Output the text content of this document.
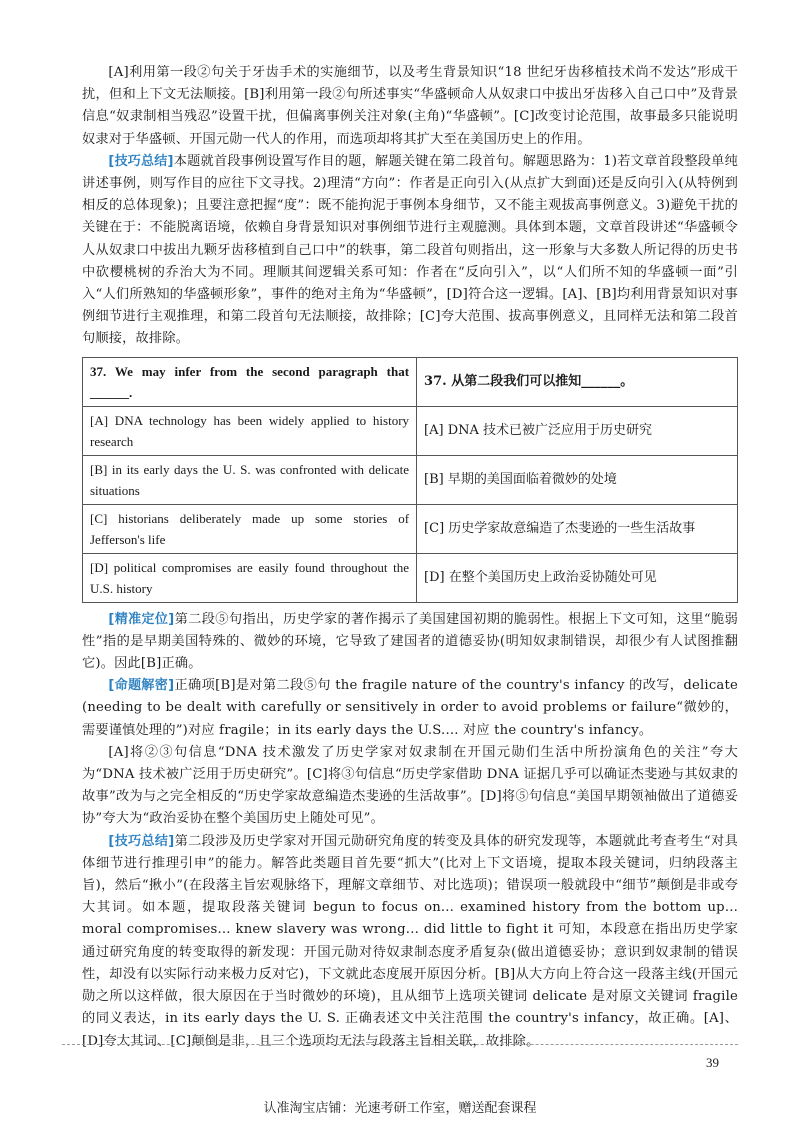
[A]利用第一段②句关于牙齿手术的实施细节，以及考生背景知识“18 世纪牙齿移植技术尚不发达”形成干扰，但和上下文无法顺接。[B]利用第一段②句所述事实“华盛顿命人从奴隶口中拔出牙齿移入自己口中”及背景信息“奴隶制相当残忍”设置干扰，但偏离事例关注对象(主角)“华盛顿”。[C]改变讨论范围，故事最多只能说明奴隶对于华盛顿、开国元勋一代人的作用，而选项却将其扩大至在美国历史上的作用。

[技巧总结]本题就首段事例设置写作目的题，解题关键在第二段首句。解题思路为：1)若文章首段整段单纯讲述事例，则写作目的应往下文寻找。2)理清“方向”：作者是正向引入(从点扩大到面)还是反向引入(从特例到相反的总体现象)；且要注意把握“度”：既不能拘泥于事例本身细节，又不能主观拔高事例意义。3)避免干扰的关键在于：不能脱离语境，依赖自身背景知识对事例细节进行主观臆测。具体到本题，文章首段讲述“华盛顿令人从奴隶口中拔出九颗牙齿移植到自己口中”的轶事，第二段首句则指出，这一形象与大多数人所记得的历史书中砍樱桃树的乔治大为不同。理顺其间逻辑关系可知：作者在“反向引入”，以“人们所不知的华盛顿一面”引入“人们所熟知的华盛顿形象”，事件的绝对主角为“华盛顿”，[D]符合这一逻辑。[A]、[B]均利用背景知识对事例细节进行主观推理，和第二段首句无法顺接，故排除；[C]夸大范围、拔高事例意义，且同样无法和第二段首句顺接，故排除。

37. We may infer from the second paragraph that ______.	37. 从第二段我们可以推知______。
[A] DNA technology has been widely applied to history research	[A] DNA 技术已被广泛应用于历史研究
[B] in its early days the U. S. was confronted with delicate situations	[B] 早期的美国面临着微妙的处境
[C] historians deliberately made up some stories of Jefferson's life	[C] 历史学家故意编造了杰斐逊的一些生活故事
[D] political compromises are easily found throughout the U.S. history	[D] 在整个美国历史上政治妥协随处可见

[精准定位]第二段⑤句指出，历史学家的著作揭示了美国建国初期的脆弱性。根据上下文可知，这里“脆弱性”指的是早期美国特殊的、微妙的环境，它导致了建国者的道德妥协(明知奴隶制错误，却很少有人试图推翻它)。因此[B]正确。

[命题解密]正确项[B]是对第二段⑤句 the fragile nature of the country's infancy 的改写，delicate (needing to be dealt with carefully or sensitively in order to avoid problems or failure“微妙的，需要谨慎处理的”)对应 fragile；in its early days the U.S.... 对应 the country's infancy。

[A]将②③句信息“DNA 技术激发了历史学家对奴隶制在开国元勋们生活中所扮演角色的关注”夸大为“DNA 技术被广泛用于历史研究”。[C]将③句信息“历史学家借助 DNA 证据几乎可以确证杰斐逊与其奴隶的故事”改为与之完全相反的“历史学家故意编造杰斐逊的生活故事”。[D]将⑤句信息“美国早期领袖做出了道德妥协”夸大为“政治妥协在整个美国历史上随处可见”。

[技巧总结]第二段涉及历史学家对开国元勋研究角度的转变及具体的研究发现等，本题就此考查考生“对具体细节进行推理引申”的能力。解答此类题目首先要“抓大”(比对上下文语境，提取本段关键词，归纳段落主旨)，然后“揪小”(在段落主旨宏观脉络下，理解文章细节、对比选项)；错误项一般就段中“细节”颠倒是非或夸大其词。如本题，提取段落关键词 begun to focus on... examined history from the bottom up... moral compromises... knew slavery was wrong... did little to fight it 可知，本段意在指出历史学家通过研究角度的转变取得的新发现：开国元勋对待奴隶制态度矛盾复杂(做出道德妥协；意识到奴隶制的错误性，却没有以实际行动来极力反对它)，下文就此态度展开原因分析。[B]从大方向上符合这一段落主线(开国元勋之所以这样做，很大原因在于当时微妙的环境)，且从细节上选项关键词 delicate 是对原文关键词 fragile 的同义表达，in its early days the U. S. 正确表述文中关注范围 the country's infancy，故正确。[A]、[D]夸大其词、[C]颠倒是非，且三个选项均无法与段落主旨相关联，故排除。

39
认准淘宝店铺：光速考研工作室，赠送配套课程
